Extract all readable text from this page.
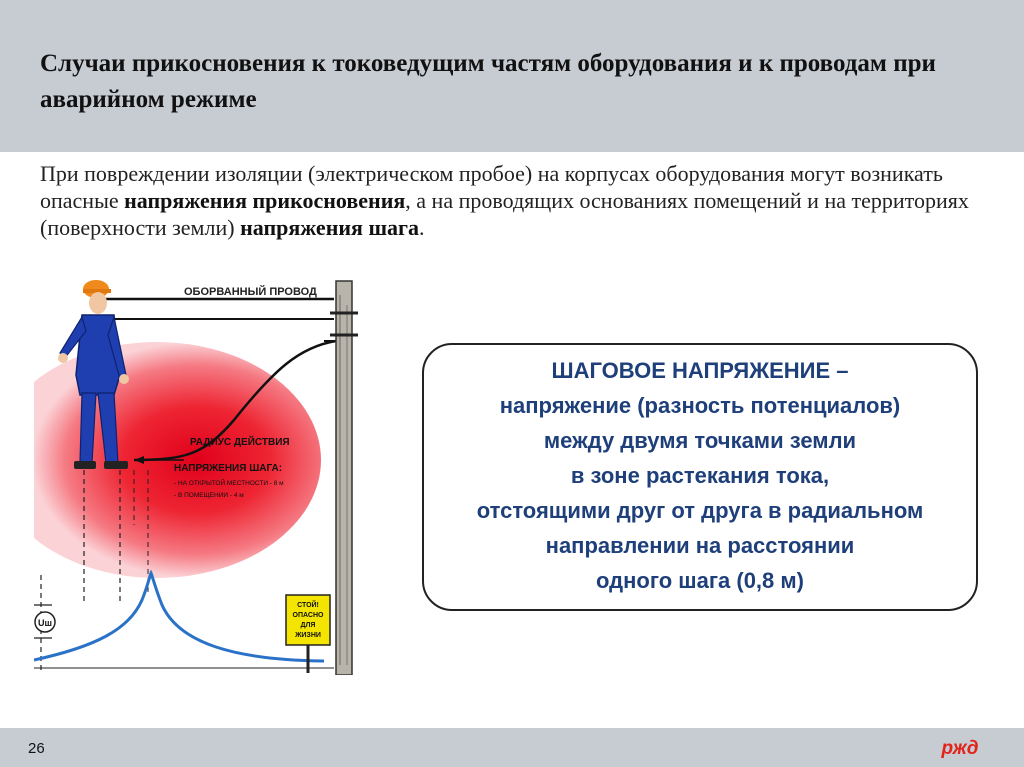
Случаи прикосновения к токоведущим частям оборудования и к проводам при аварийном режиме
При повреждении изоляции (электрическом пробое) на корпусах оборудования могут возникать опасные напряжения прикосновения, а на проводящих основаниях помещений и на территориях (поверхности земли) напряжения шага.
ОБОРВАННЫЙ ПРОВОД
РАДИУС ДЕЙСТВИЯ
НАПРЯЖЕНИЯ ШАГА:
- НА ОТКРЫТОЙ МЕСТНОСТИ - 8 м
- В ПОМЕЩЕНИИ - 4 м
Uш
СТОЙ!
ОПАСНО
ДЛЯ
ЖИЗНИ
ШАГОВОЕ НАПРЯЖЕНИЕ –
напряжение (разность потенциалов)
между двумя точками земли
в зоне растекания тока,
отстоящими друг от друга в радиальном
направлении на расстоянии
одного шага (0,8 м)
26	ржд
